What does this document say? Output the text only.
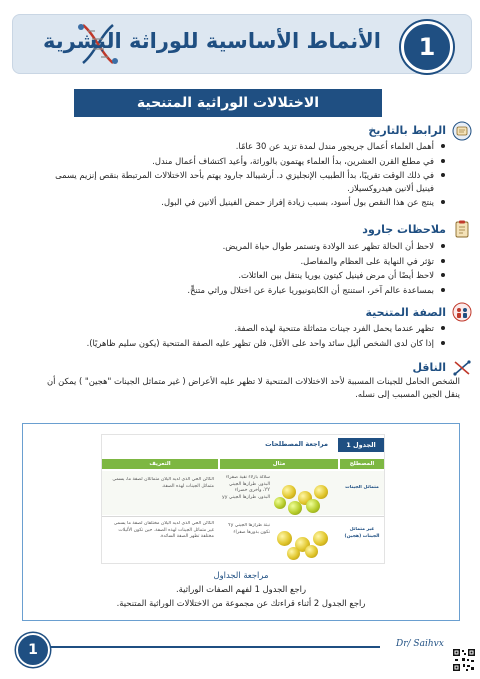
الأنماط الأساسية للوراثة البشرية	1
الاختلالات الوراثية المتنحية
الرابط بالتاريخ
أهمل العلماء أعمال جريجور مندل لمدة تزيد عن 30 عامًا.
في مطلع القرن العشرين، بدأ العلماء يهتمون بالوراثة، وأعيد اكتشاف أعمال مندل.
في ذلك الوقت تقريبًا، بدأ الطبيب الإنجليزي د. أرشيبالد جارود يهتم بأحد الاختلالات المرتبطة بنقص إنزيم يسمى فينيل ألانين هيدروكسيلاز.
ينتج عن هذا النقص بول أسود، بسبب زيادة إفراز حمض الفينيل ألانين في البول.
ملاحظات جارود
لاحظ أن الحالة تظهر عند الولادة وتستمر طوال حياة المريض.
تؤثر في النهاية على العظام والمفاصل.
لاحظ أيضًا أن مرض فينيل كيتون يوريا ينتقل بين العائلات.
بمساعدة عالم آخر، استنتج أن الكابتونيوريا عبارة عن اختلال وراثي متنحٍّ.
الصفة المتنحية
تظهر عندما يحمل الفرد جينات متماثلة متنحية لهذه الصفة.
إذا كان لدى الشخص أليل سائد واحد على الأقل، فلن تظهر عليه الصفة المتنحية (يكون سليم ظاهريًا).
الناقل
الشخص الحامل للجينات المسببة لأحد الاختلالات المتنحية لا تظهر عليه الأعراض ( غير متماثل الجينات "هجين" ) يمكن أن ينقل الجين المسبب إلى نسله.
الجدول 1
مراجعة المصطلحات
المصطلح
مثال
التعريف
متماثل الجينات
سلالة بازلاء نقية صفراء البذور. طرازها الجيني YY، وأخرى خضراء البذور، طرازها الجيني yy
الكائن الحي الذي لديه أليلان متماثلان لصفة ما، يسمى متماثل الجينات لهذه الصفة.
غير متماثل الجينات (هجين)
نبتة طرازها الجيني Yy تكون بذورها صفراء
الكائن الحي الذي لديه أليلان مختلفان لصفة ما يسمى غير متماثل الجينات لهذه الصفة. حين تكون الأليلات مختلفة تظهر الصفة السائدة.
مراجعة الجداول
راجع الجدول 1 لفهم الصفات الوراثية.
راجع الجدول 2 أثناء قراءتك عن مجموعة من الاختلالات الوراثية المتنحية.
1	Dr/ Saihvx
